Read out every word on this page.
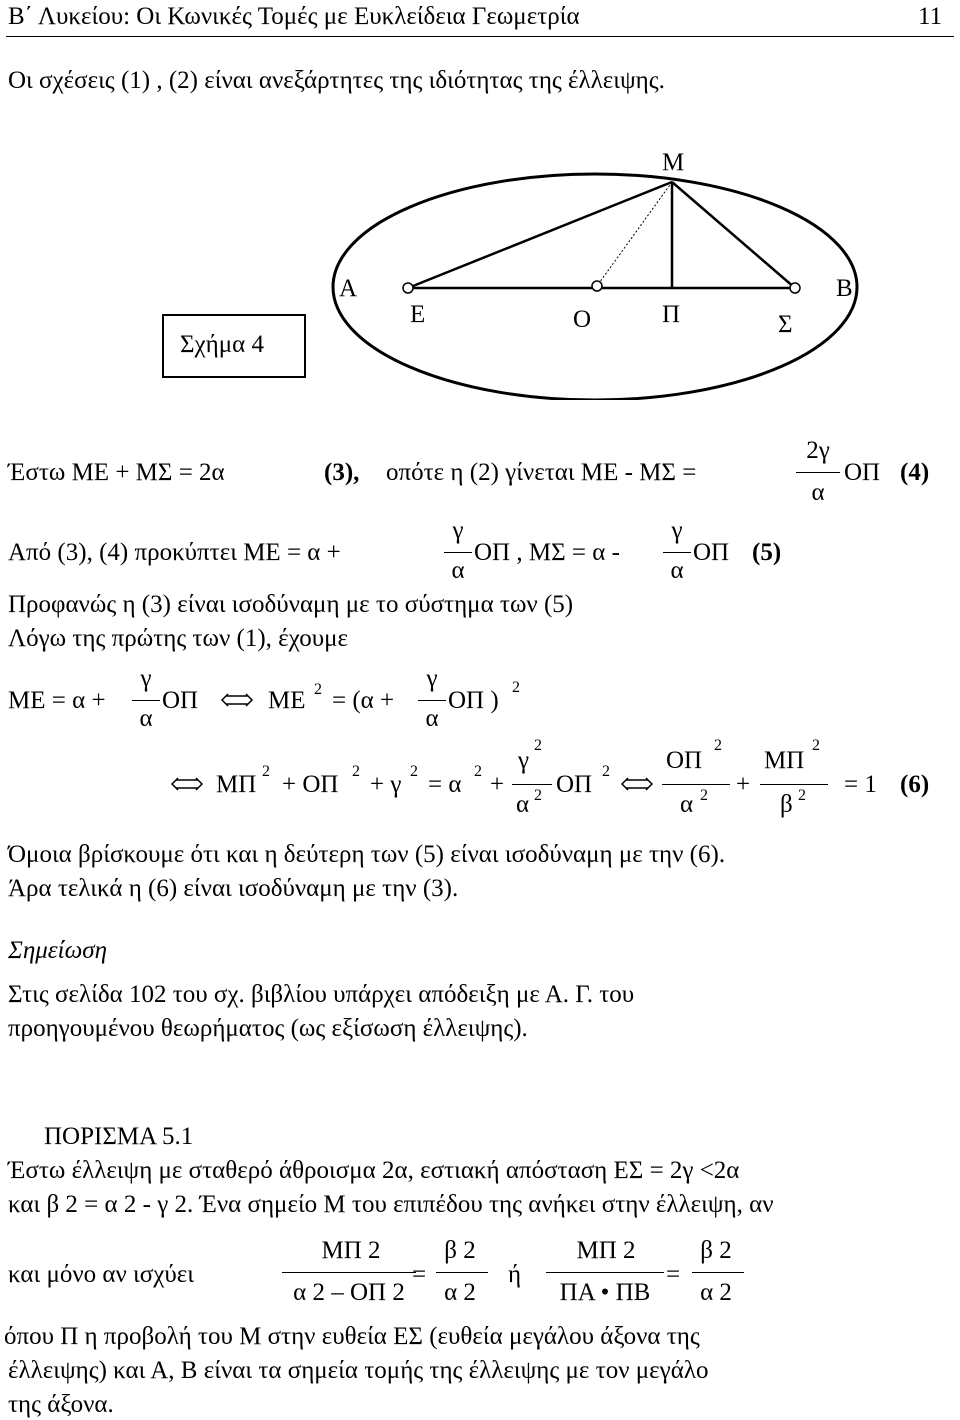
Β΄ Λυκείου: Οι Κωνικές Τομές με Ευκλείδεια Γεωμετρία	11
Οι σχέσεις (1) , (2) είναι ανεξάρτητες της ιδιότητας της έλλειψης.
Μ
Α	Β
Ε	Ο	Π	Σ
Σχήμα 4
Έστω ΜΕ + ΜΣ = 2α	(3), οπότε η (2) γίνεται ΜΕ - ΜΣ =
2γ
α
ΟΠ (4)
Από (3), (4) προκύπτει ΜΕ = α +
γ
α
ΟΠ , ΜΣ = α -
γ
α
ΟΠ (5)
Προφανώς η (3) είναι ισοδύναμη με το σύστημα των (5)
Λόγω της πρώτης των (1), έχουμε
ΜΕ = α +
γ
α
ΟΠ	ΜΕ 2 = (α +
γ
α
ΟΠ ) 2
ΜΠ 2 + ΟΠ 2 + γ 2 = α 2 +
γ
2
α 2 ΟΠ 2 ΟΠ
2
α 2 +
ΜΠ
2
β 2 = 1 (6)
Όμοια βρίσκουμε ότι και η δεύτερη των (5) είναι ισοδύναμη με την (6).
Άρα τελικά η (6) είναι ισοδύναμη με την (3).
Σημείωση
Στις σελίδα 102 του σχ. βιβλίου υπάρχει απόδειξη με Α. Γ. του
προηγουμένου θεωρήματος (ως εξίσωση έλλειψης).
ΠΟΡΙΣΜΑ 5.1
Έστω έλλειψη με σταθερό άθροισμα 2α, εστιακή απόσταση ΕΣ = 2γ <2α
και β 2 = α 2 - γ 2. Ένα σημείο Μ του επιπέδου της ανήκει στην έλλειψη, αν
και μόνο αν ισχύει
ΜΠ 2
α 2 – ΟΠ 2
=
β 2
α 2
ή
ΜΠ 2
ΠΑ • ΠΒ
=
β 2
α 2
όπου Π η προβολή του Μ στην ευθεία ΕΣ (ευθεία μεγάλου άξονα της
έλλειψης) και Α, Β είναι τα σημεία τομής της έλλειψης με τον μεγάλο
της άξονα.
